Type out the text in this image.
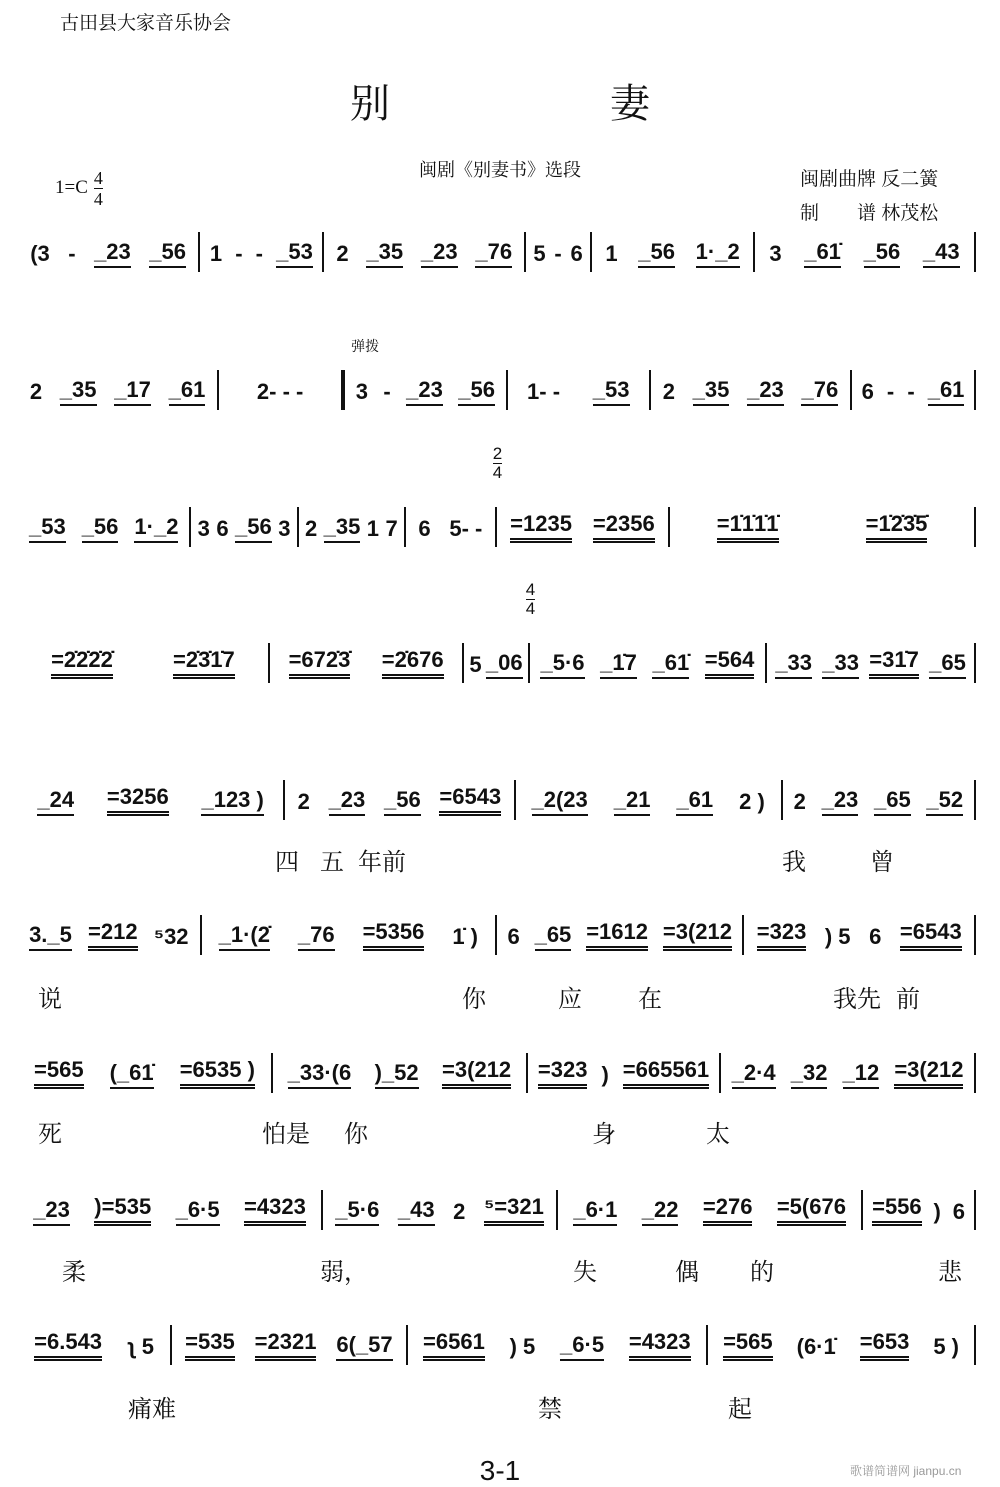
古田县大家音乐协会
别	妻
$1=C \frac{4}{4}$	闽剧《别妻书》选段	闽剧曲牌 反二簧
制　　谱 林茂松
(3 - _23 _56 1 - - _53 2 _35 _23 _76 5 - 6 1 _56 1·_2 3 _61̇ _56 _43
2 _35 _17 _61 2- - -
弹拨
3 - _23 _56 1- - _53 2 _35 _23 _76 6 - - _61
_53 _56 1·_2 3 6 _56 3 2 _35 1 7 6 5- -
$\frac{2}{4}$
=1235 =2356	=1̇1̇1̇1̇	=1̇2̇3̇5̇
=2̇2̇2̇2̇	=2̇3̇1̇7 =672̇3̇ =2̇676 5 _06
4
4
_5·6 _1̇7 _61̇ =564 _33 _33 =31̇7 _65
_24 =3256 _123 ) 2 _23 _56 =6543 _2(23 _21 _61 2 ) 2 _23 _65 _52
四 五 年前	我	曾
3._5 =212 ⁵32 _1·(2̇ _76 =5356 1̇ ) 6 _65 =1612 =3(212 =323 ) 5 6 =6543
说	你	应 在	我先 前
=565 (_61̇ =6535 ) _33·(6 )_52 =3(212 =323 ) =665561 _2·4 _32 _12 =3(212
死	怕是 你	身	太
_23 )=535 _6·5 =4323 _5·6 _43 2 ⁵=321 _6·1 _22 =276 =5(676 =556 ) 6
柔	弱，	失	偶 的	悲
=6.543 ʅ 5 =535 =2321 6(_57 =6561 ) 5 _6·5 =4323 =565 (6·1̇ =653 5 )
痛难	禁	起
3-1	歌谱简谱网 jianpu.cn
